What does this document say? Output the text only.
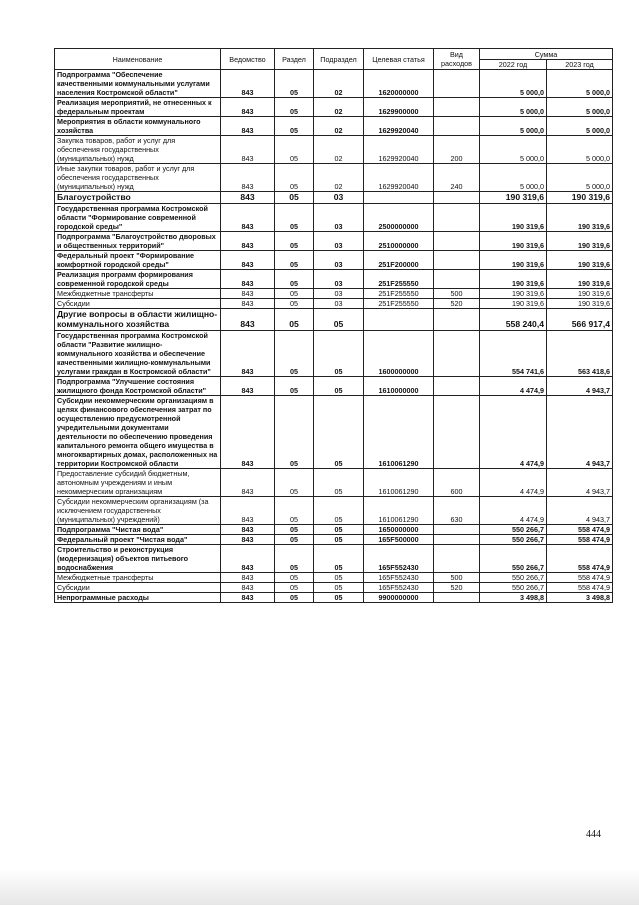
Наименование	Ведомство	Раздел	Подраздел	Целевая статья	Вид расходов	Сумма	
						2022 год	2023 год
Подпрограмма "Обеспечение качественными коммунальными услугами населения Костромской области"	843	05	02	1620000000		5 000,0	5 000,0
Реализация мероприятий, не отнесенных к федеральным проектам	843	05	02	1629900000		5 000,0	5 000,0
Мероприятия в области коммунального хозяйства	843	05	02	1629920040		5 000,0	5 000,0
Закупка товаров, работ и услуг для обеспечения государственных (муниципальных) нужд	843	05	02	1629920040	200	5 000,0	5 000,0
Иные закупки товаров, работ и услуг для обеспечения государственных (муниципальных) нужд	843	05	02	1629920040	240	5 000,0	5 000,0
Благоустройство	843	05	03			190 319,6	190 319,6
Государственная программа Костромской области "Формирование современной городской среды"	843	05	03	2500000000		190 319,6	190 319,6
Подпрограмма "Благоустройство дворовых и общественных территорий"	843	05	03	2510000000		190 319,6	190 319,6
Федеральный проект "Формирование комфортной городской среды"	843	05	03	251F200000		190 319,6	190 319,6
Реализация программ формирования современной городской среды	843	05	03	251F255550		190 319,6	190 319,6
Межбюджетные трансферты	843	05	03	251F255550	500	190 319,6	190 319,6
Субсидии	843	05	03	251F255550	520	190 319,6	190 319,6
Другие вопросы в области жилищно-коммунального хозяйства	843	05	05			558 240,4	566 917,4
Государственная программа Костромской области "Развитие жилищно-коммунального хозяйства и обеспечение качественными жилищно-коммунальными услугами граждан в Костромской области"	843	05	05	1600000000		554 741,6	563 418,6
Подпрограмма "Улучшение состояния жилищного фонда Костромской области"	843	05	05	1610000000		4 474,9	4 943,7
Субсидии некоммерческим организациям в целях финансового обеспечения затрат по осуществлению предусмотренной учредительными документами деятельности по обеспечению проведения капитального ремонта общего имущества в многоквартирных домах, расположенных на территории Костромской области	843	05	05	1610061290		4 474,9	4 943,7
Предоставление субсидий бюджетным, автономным учреждениям и иным некоммерческим организациям	843	05	05	1610061290	600	4 474,9	4 943,7
Субсидии некоммерческим организациям (за исключением государственных (муниципальных) учреждений)	843	05	05	1610061290	630	4 474,9	4 943,7
Подпрограмма "Чистая вода"	843	05	05	1650000000		550 266,7	558 474,9
Федеральный проект "Чистая вода"	843	05	05	165F500000		550 266,7	558 474,9
Строительство и реконструкция (модернизация) объектов питьевого водоснабжения	843	05	05	165F552430		550 266,7	558 474,9
Межбюджетные трансферты	843	05	05	165F552430	500	550 266,7	558 474,9
Субсидии	843	05	05	165F552430	520	550 266,7	558 474,9
Непрограммные расходы	843	05	05	9900000000		3 498,8	3 498,8
444
